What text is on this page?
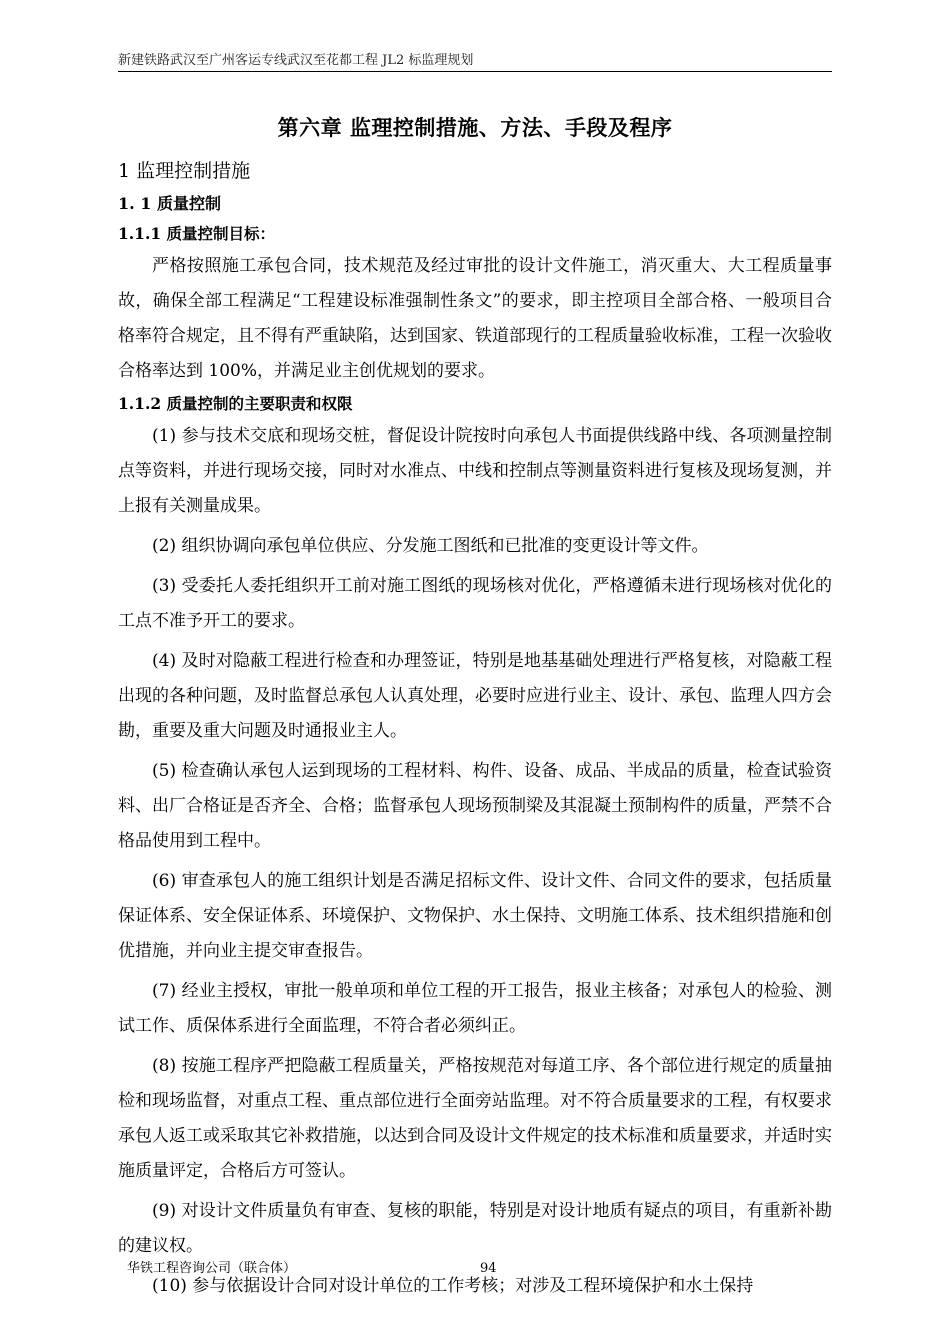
新建铁路武汉至广州客运专线武汉至花都工程 JL2 标监理规划
第六章 监理控制措施、方法、手段及程序
1 监理控制措施
1. 1 质量控制
1.1.1 质量控制目标：

严格按照施工承包合同，技术规范及经过审批的设计文件施工，消灭重大、大工程质量事故，确保全部工程满足“工程建设标准强制性条文”的要求，即主控项目全部合格、一般项目合格率符合规定，且不得有严重缺陷，达到国家、铁道部现行的工程质量验收标准，工程一次验收合格率达到 100%，并满足业主创优规划的要求。

1.1.2 质量控制的主要职责和权限

(1) 参与技术交底和现场交桩，督促设计院按时向承包人书面提供线路中线、各项测量控制点等资料，并进行现场交接，同时对水准点、中线和控制点等测量资料进行复核及现场复测，并上报有关测量成果。

(2) 组织协调向承包单位供应、分发施工图纸和已批准的变更设计等文件。

(3) 受委托人委托组织开工前对施工图纸的现场核对优化，严格遵循未进行现场核对优化的工点不准予开工的要求。

(4) 及时对隐蔽工程进行检查和办理签证，特别是地基基础处理进行严格复核，对隐蔽工程出现的各种问题，及时监督总承包人认真处理，必要时应进行业主、设计、承包、监理人四方会勘，重要及重大问题及时通报业主人。

(5) 检查确认承包人运到现场的工程材料、构件、设备、成品、半成品的质量，检查试验资料、出厂合格证是否齐全、合格；监督承包人现场预制梁及其混凝土预制构件的质量，严禁不合格品使用到工程中。

(6) 审查承包人的施工组织计划是否满足招标文件、设计文件、合同文件的要求，包括质量保证体系、安全保证体系、环境保护、文物保护、水土保持、文明施工体系、技术组织措施和创优措施，并向业主提交审查报告。

(7) 经业主授权，审批一般单项和单位工程的开工报告，报业主核备；对承包人的检验、测试工作、质保体系进行全面监理，不符合者必须纠正。

(8) 按施工程序严把隐蔽工程质量关，严格按规范对每道工序、各个部位进行规定的质量抽检和现场监督，对重点工程、重点部位进行全面旁站监理。对不符合质量要求的工程，有权要求承包人返工或采取其它补救措施，以达到合同及设计文件规定的技术标准和质量要求，并适时实施质量评定，合格后方可签认。

(9) 对设计文件质量负有审查、复核的职能，特别是对设计地质有疑点的项目，有重新补勘的建议权。

(10) 参与依据设计合同对设计单位的工作考核；对涉及工程环境保护和水土保持

华铁工程咨询公司（联合体）	94
